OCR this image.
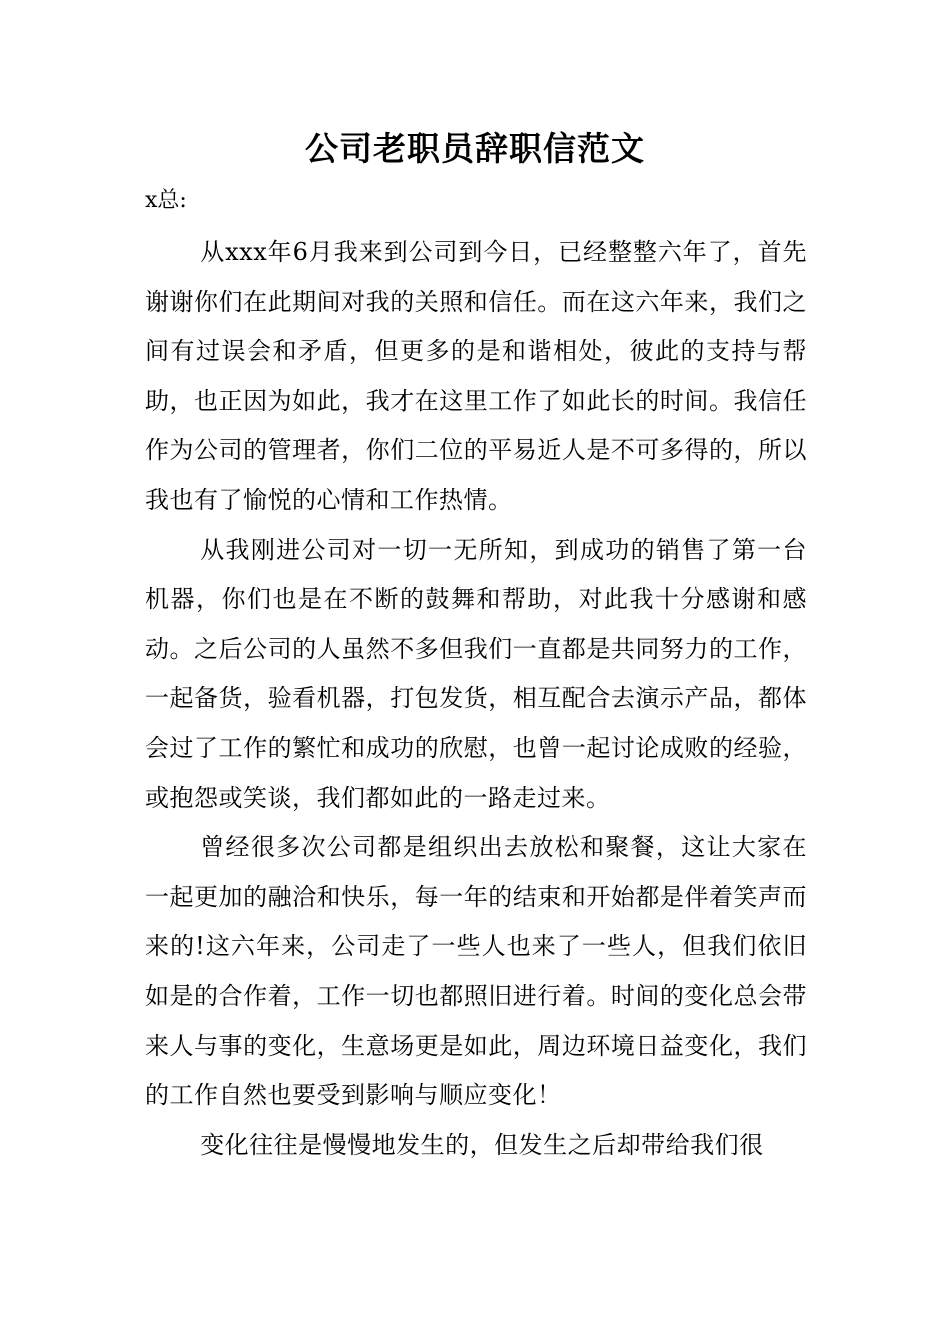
公司老职员辞职信范文

x总:

从xxx年6月我来到公司到今日，已经整整六年了，首先谢谢你们在此期间对我的关照和信任。而在这六年来，我们之间有过误会和矛盾，但更多的是和谐相处，彼此的支持与帮助，也正因为如此，我才在这里工作了如此长的时间。我信任作为公司的管理者，你们二位的平易近人是不可多得的，所以我也有了愉悦的心情和工作热情。

从我刚进公司对一切一无所知，到成功的销售了第一台机器，你们也是在不断的鼓舞和帮助，对此我十分感谢和感动。之后公司的人虽然不多但我们一直都是共同努力的工作，一起备货，验看机器，打包发货，相互配合去演示产品，都体会过了工作的繁忙和成功的欣慰，也曾一起讨论成败的经验，或抱怨或笑谈，我们都如此的一路走过来。

曾经很多次公司都是组织出去放松和聚餐，这让大家在一起更加的融洽和快乐，每一年的结束和开始都是伴着笑声而来的!这六年来，公司走了一些人也来了一些人，但我们依旧如是的合作着，工作一切也都照旧进行着。时间的变化总会带来人与事的变化，生意场更是如此，周边环境日益变化，我们的工作自然也要受到影响与顺应变化！

变化往往是慢慢地发生的，但发生之后却带给我们很
